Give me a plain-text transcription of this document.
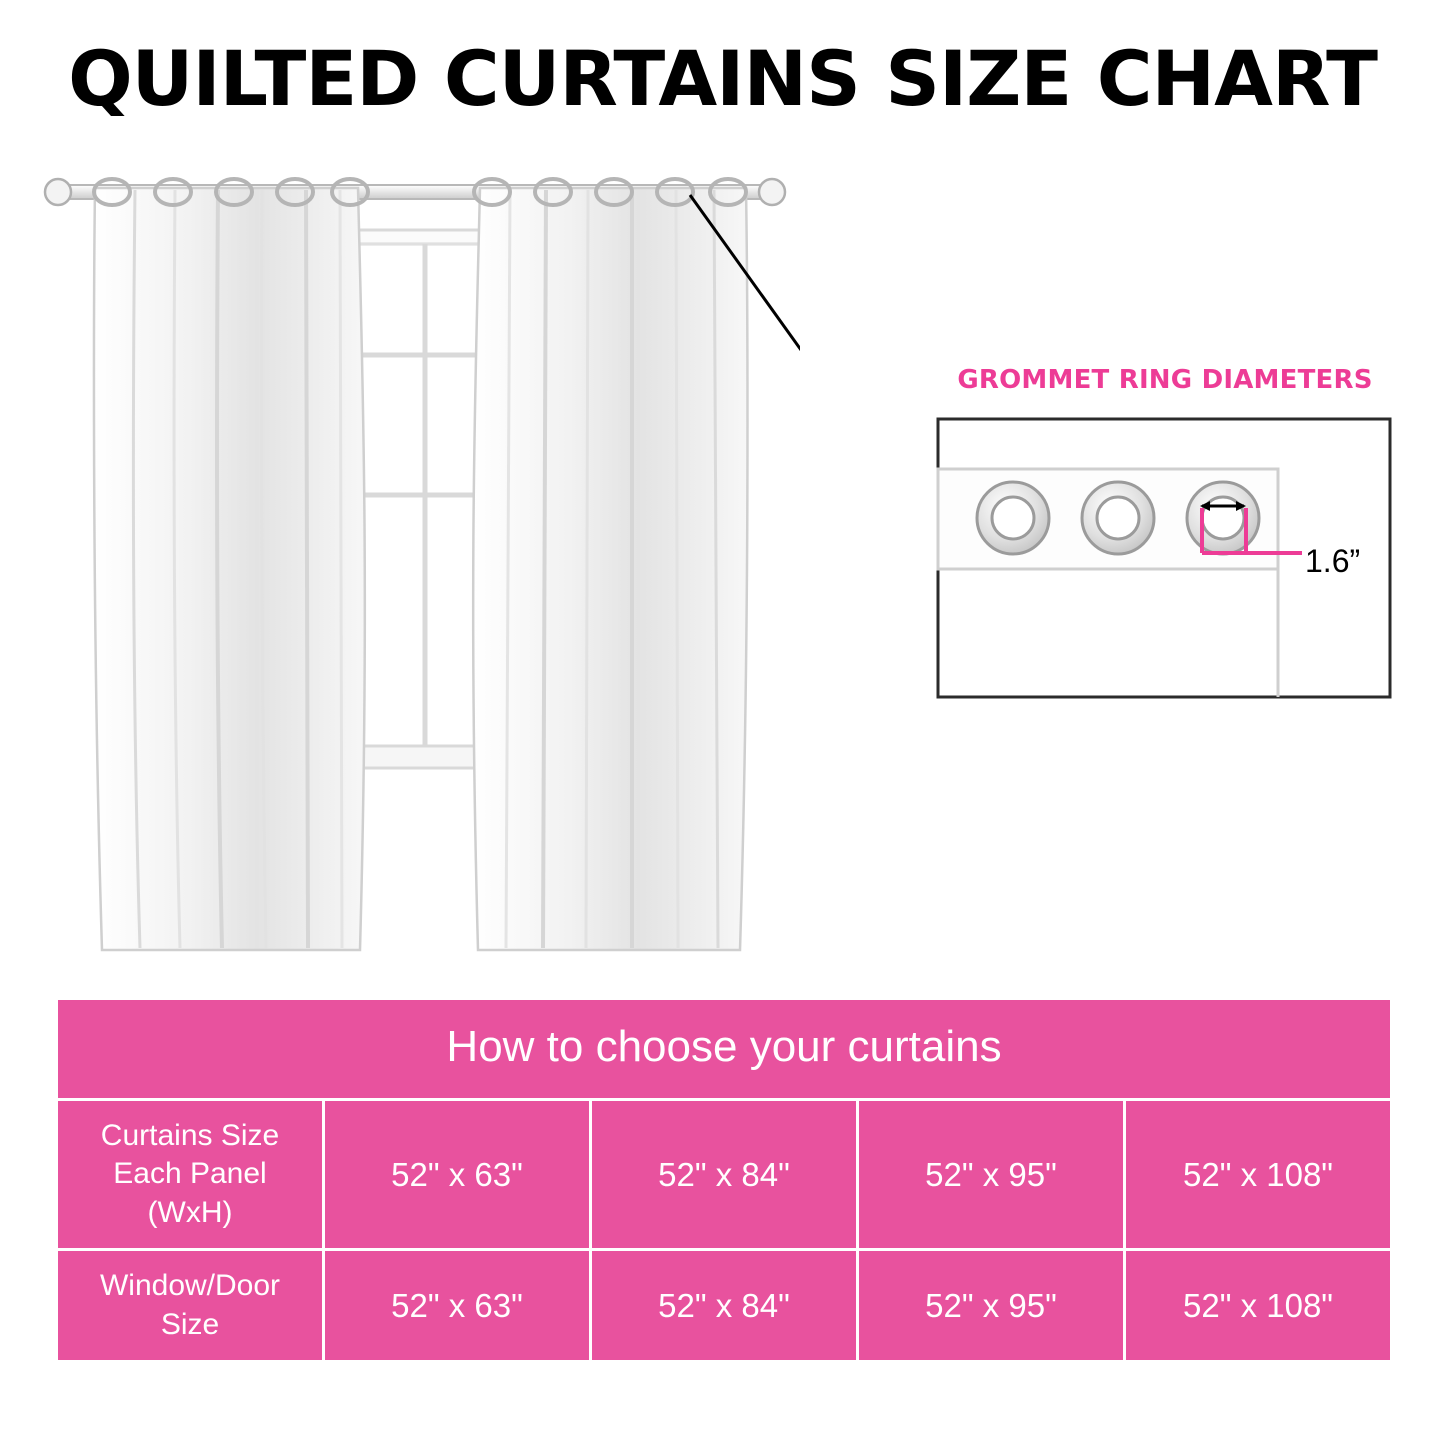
QUILTED CURTAINS SIZE CHART
GROMMET RING DIAMETERS
1.6”
How to choose your curtains				

Curtains Size
Each Panel
(WxH)	52" x 63"	52" x 84"	52" x 95"	52" x 108"

Window/Door
Size	52" x 63"	52" x 84"	52" x 95"	52" x 108"
